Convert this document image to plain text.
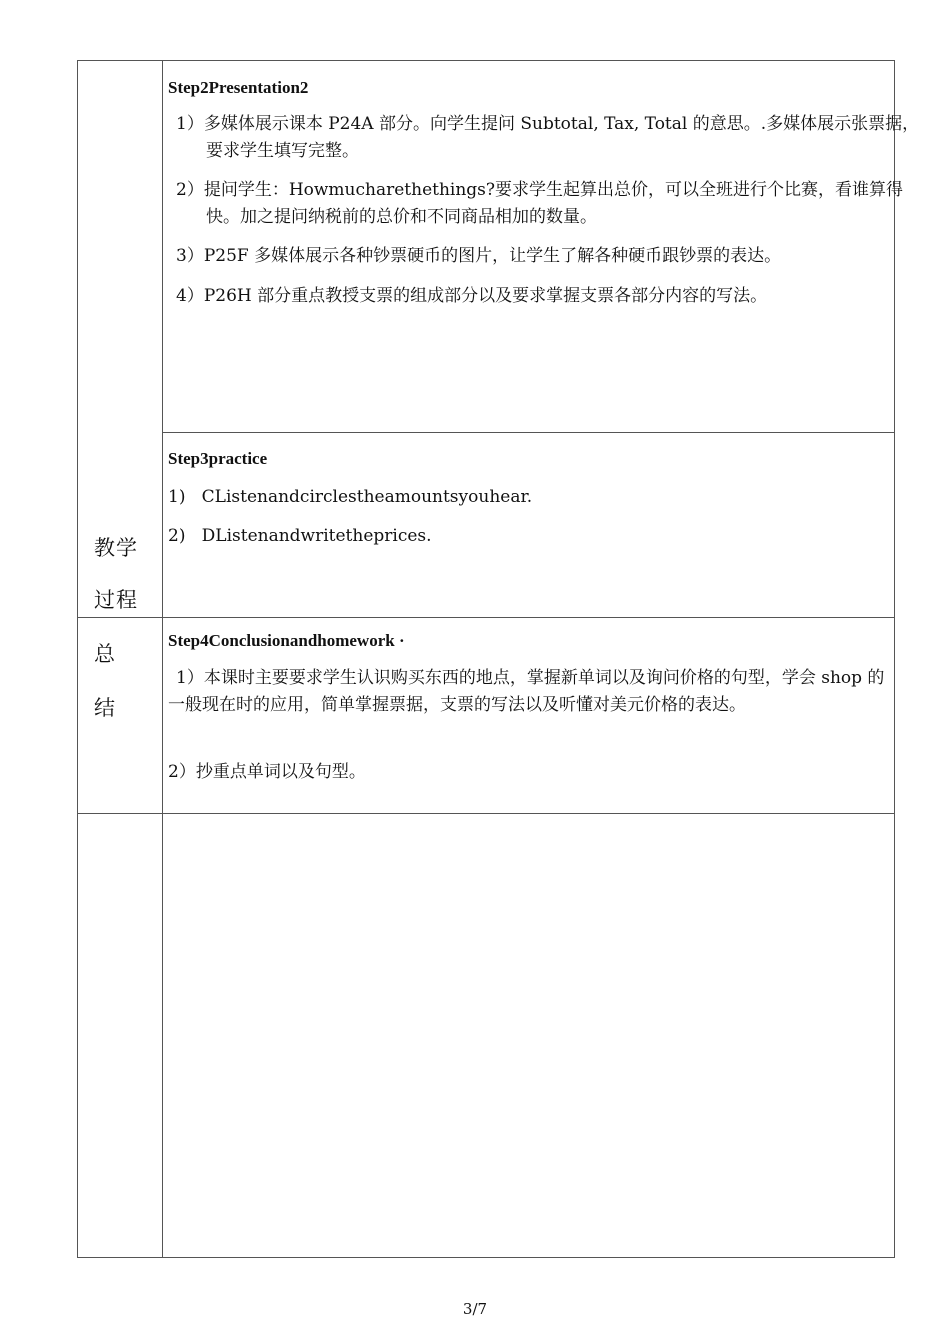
教学
过程
总
结
Step2Presentation2
1）多媒体展示课本 P24A 部分。向学生提问 Subtotal, Tax, Total 的意思。.多媒体展示张票据，要求学生填写完整。
2）提问学生：Howmucharethethings?要求学生起算出总价，可以全班进行个比赛，看谁算得快。加之提问纳税前的总价和不同商品相加的数量。
3）P25F 多媒体展示各种钞票硬币的图片，让学生了解各种硬币跟钞票的表达。
4）P26H 部分重点教授支票的组成部分以及要求掌握支票各部分内容的写法。
Step3practice
1)   CListenandcirclestheamountsyouhear.
2)   DListenandwritetheprices.
Step4Conclusionandhomework ·
1）本课时主要要求学生认识购买东西的地点，掌握新单词以及询问价格的句型，学会 shop 的一般现在时的应用，简单掌握票据，支票的写法以及听懂对美元价格的表达。
2）抄重点单词以及句型。
3/7
